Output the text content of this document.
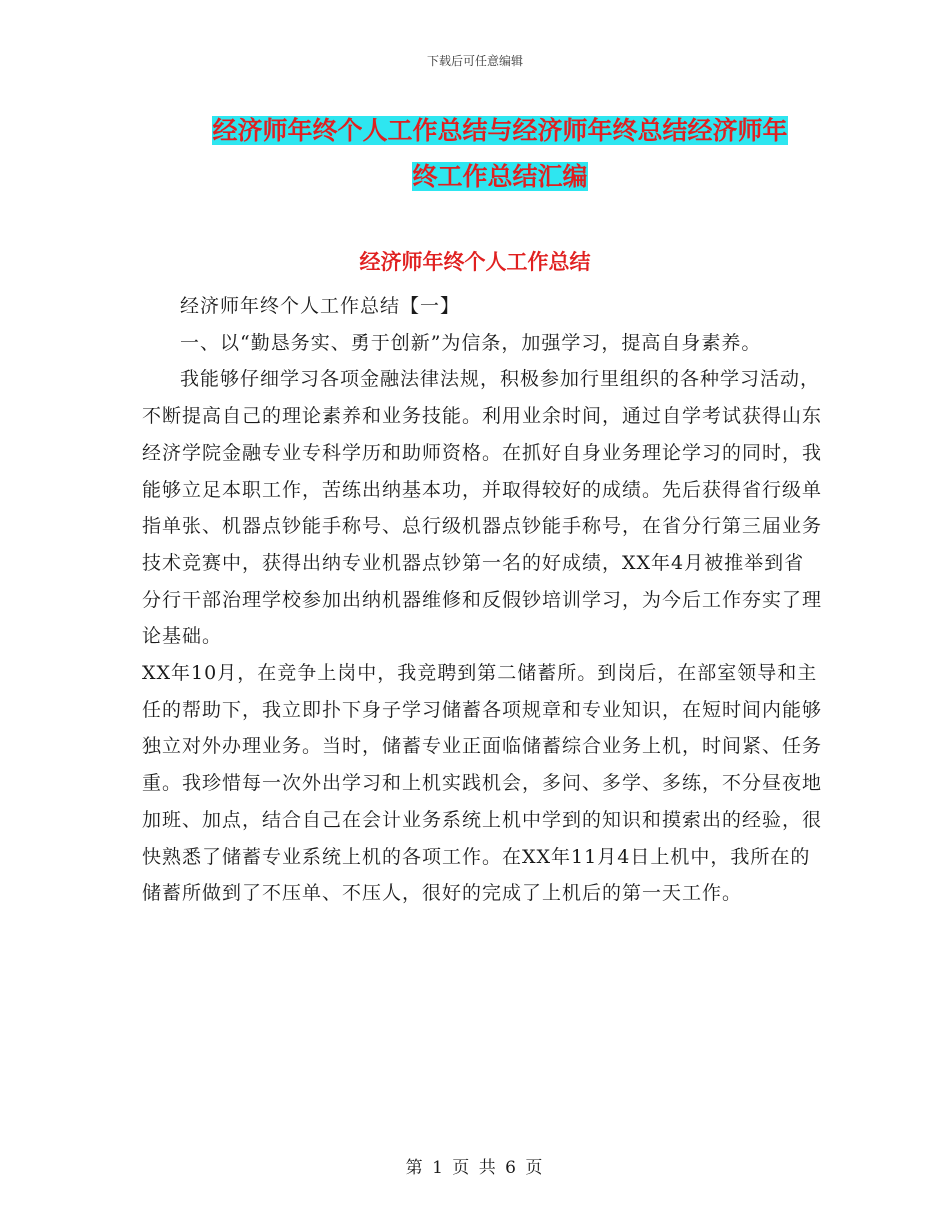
下载后可任意编辑
经济师年终个人工作总结与经济师年终总结经济师年
终工作总结汇编
经济师年终个人工作总结

经济师年终个人工作总结【一】

一、以“勤恳务实、勇于创新”为信条，加强学习，提高自身素养。

我能够仔细学习各项金融法律法规，积极参加行里组织的各种学习活动，不断提高自己的理论素养和业务技能。利用业余时间，通过自学考试获得山东经济学院金融专业专科学历和助师资格。在抓好自身业务理论学习的同时，我能够立足本职工作，苦练出纳基本功，并取得较好的成绩。先后获得省行级单指单张、机器点钞能手称号、总行级机器点钞能手称号，在省分行第三届业务技术竞赛中，获得出纳专业机器点钞第一名的好成绩，XX年4月被推举到省分行干部治理学校参加出纳机器维修和反假钞培训学习，为今后工作夯实了理论基础。

XX年10月，在竞争上岗中，我竞聘到第二储蓄所。到岗后，在部室领导和主任的帮助下，我立即扑下身子学习储蓄各项规章和专业知识，在短时间内能够独立对外办理业务。当时，储蓄专业正面临储蓄综合业务上机，时间紧、任务重。我珍惜每一次外出学习和上机实践机会，多问、多学、多练，不分昼夜地加班、加点，结合自己在会计业务系统上机中学到的知识和摸索出的经验，很快熟悉了储蓄专业系统上机的各项工作。在XX年11月4日上机中，我所在的储蓄所做到了不压单、不压人，很好的完成了上机后的第一天工作。

第 1 页 共 6 页
